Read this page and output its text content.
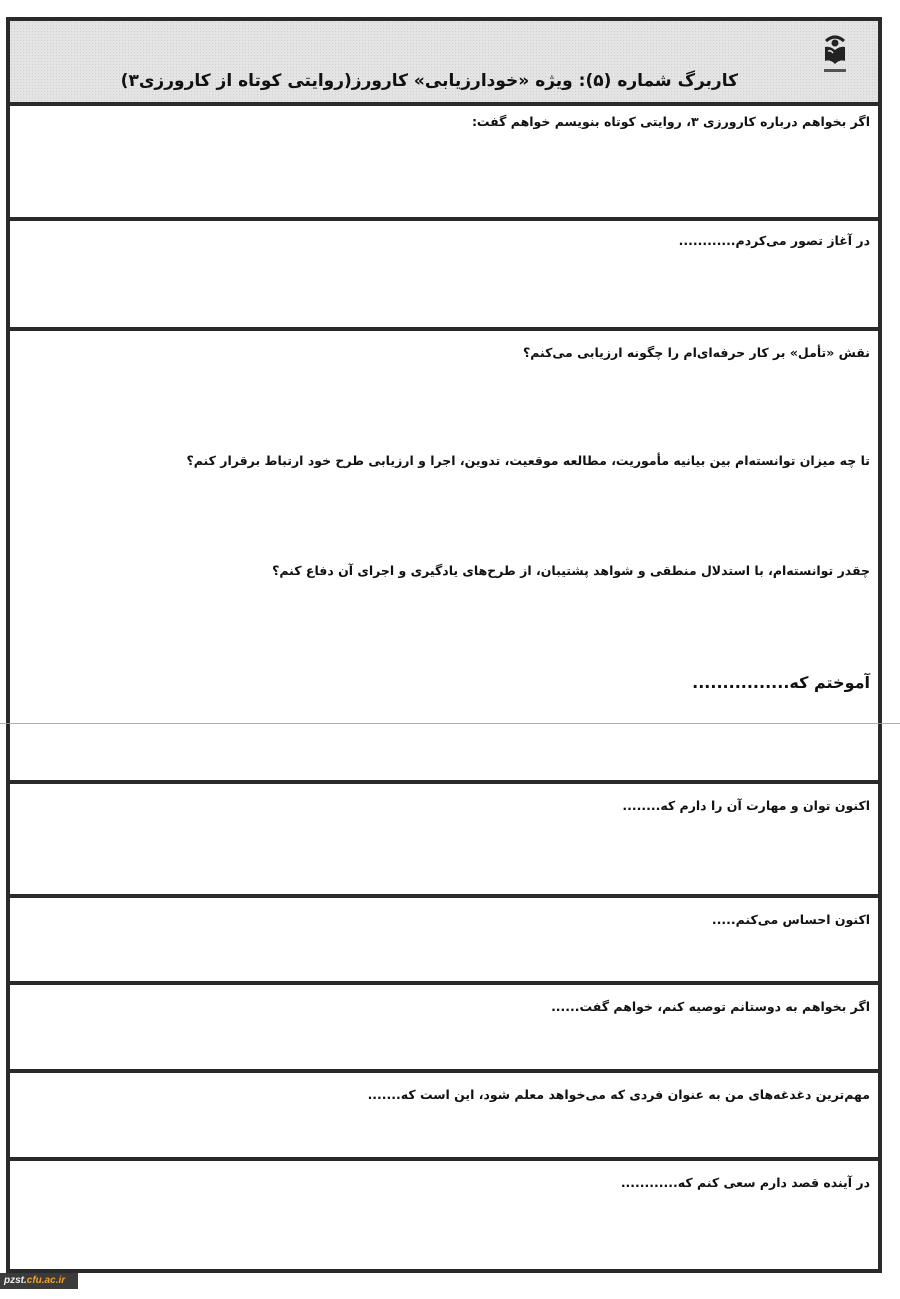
کاربرگ شماره (۵): ویژه «خودارزیابی» کارورز(روایتی کوتاه از کارورزی۳)
اگر بخواهم درباره کارورزی ۳، روایتی کوتاه بنویسم خواهم گفت:
در آغاز تصور می‌کردم............
نقش «تأمل» بر کار حرفه‌ای‌ام را چگونه ارزیابی می‌کنم؟
تا چه میزان توانسته‌ام بین بیانیه مأموریت، مطالعه موقعیت، تدوین، اجرا و ارزیابی طرح خود ارتباط برقرار کنم؟
چقدر توانسته‌ام، با استدلال منطقی و شواهد پشتیبان، از طرح‌های یادگیری و اجرای آن دفاع کنم؟
آموختم که................
اکنون توان و مهارت آن را دارم که........
اکنون احساس می‌کنم.....
اگر بخواهم به دوستانم توصیه کنم، خواهم گفت......
مهم‌ترین دغدغه‌های من به عنوان فردی که می‌خواهد معلم شود، این است که.......
در آینده قصد دارم سعی کنم که............
pzst.cfu.ac.ir
